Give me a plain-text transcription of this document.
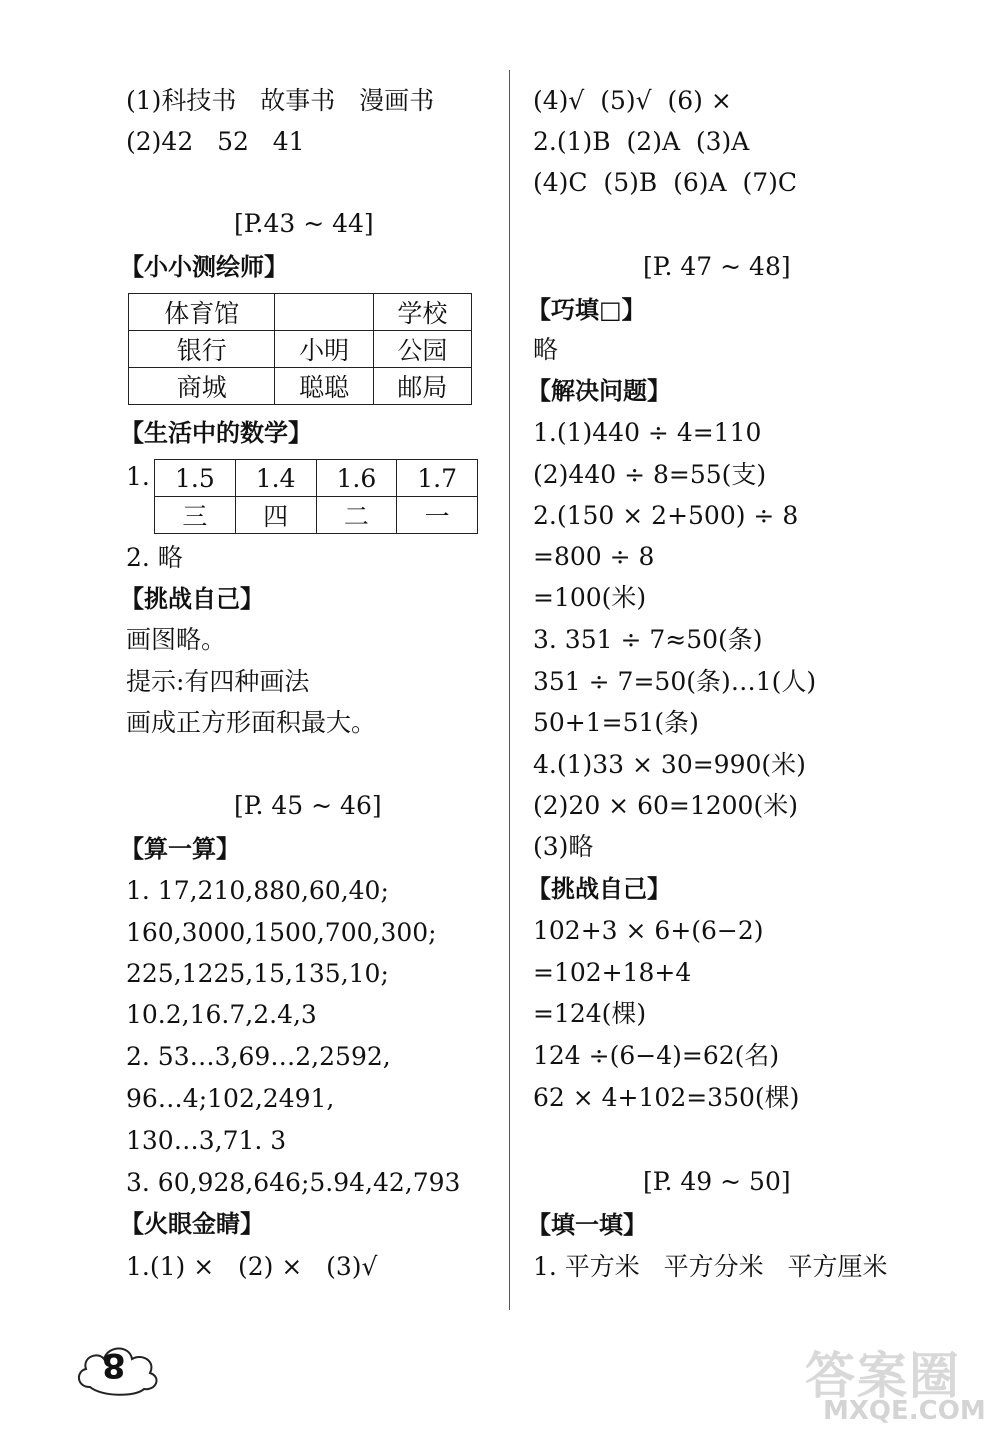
(1)科技书   故事书   漫画书
(2)42   52   41
[P.43 ~ 44]
【小小测绘师】
体育馆		学校
银行	小明	公园
商城	聪聪	邮局
【生活中的数学】
1. 1.5	1.4	1.6	1.7
三	四	二	一
2. 略
【挑战自己】
画图略。
提示:有四种画法
画成正方形面积最大。
[P. 45 ~ 46]
【算一算】
1. 17,210,880,60,40;
160,3000,1500,700,300;
225,1225,15,135,10;
10.2,16.7,2.4,3
2. 53…3,69…2,2592,
96…4;102,2491,
130…3,71. 3
3. 60,928,646;5.94,42,793
【火眼金睛】
1.(1) ×   (2) ×   (3)√
(4)√  (5)√  (6) ×
2.(1)B  (2)A  (3)A
(4)C  (5)B  (6)A  (7)C
[P. 47 ~ 48]
【巧填□】
略
【解决问题】
1.(1)440 ÷ 4=110
(2)440 ÷ 8=55(支)
2.(150 × 2+500) ÷ 8
=800 ÷ 8
=100(米)
3. 351 ÷ 7≈50(条)
351 ÷ 7=50(条)…1(人)
50+1=51(条)
4.(1)33 × 30=990(米)
(2)20 × 60=1200(米)
(3)略
【挑战自己】
102+3 × 6+(6−2)
=102+18+4
=124(棵)
124 ÷(6−4)=62(名)
62 × 4+102=350(棵)
[P. 49 ~ 50]
【填一填】
1. 平方米   平方分米   平方厘米
8	答案圈
MXQE.COM
